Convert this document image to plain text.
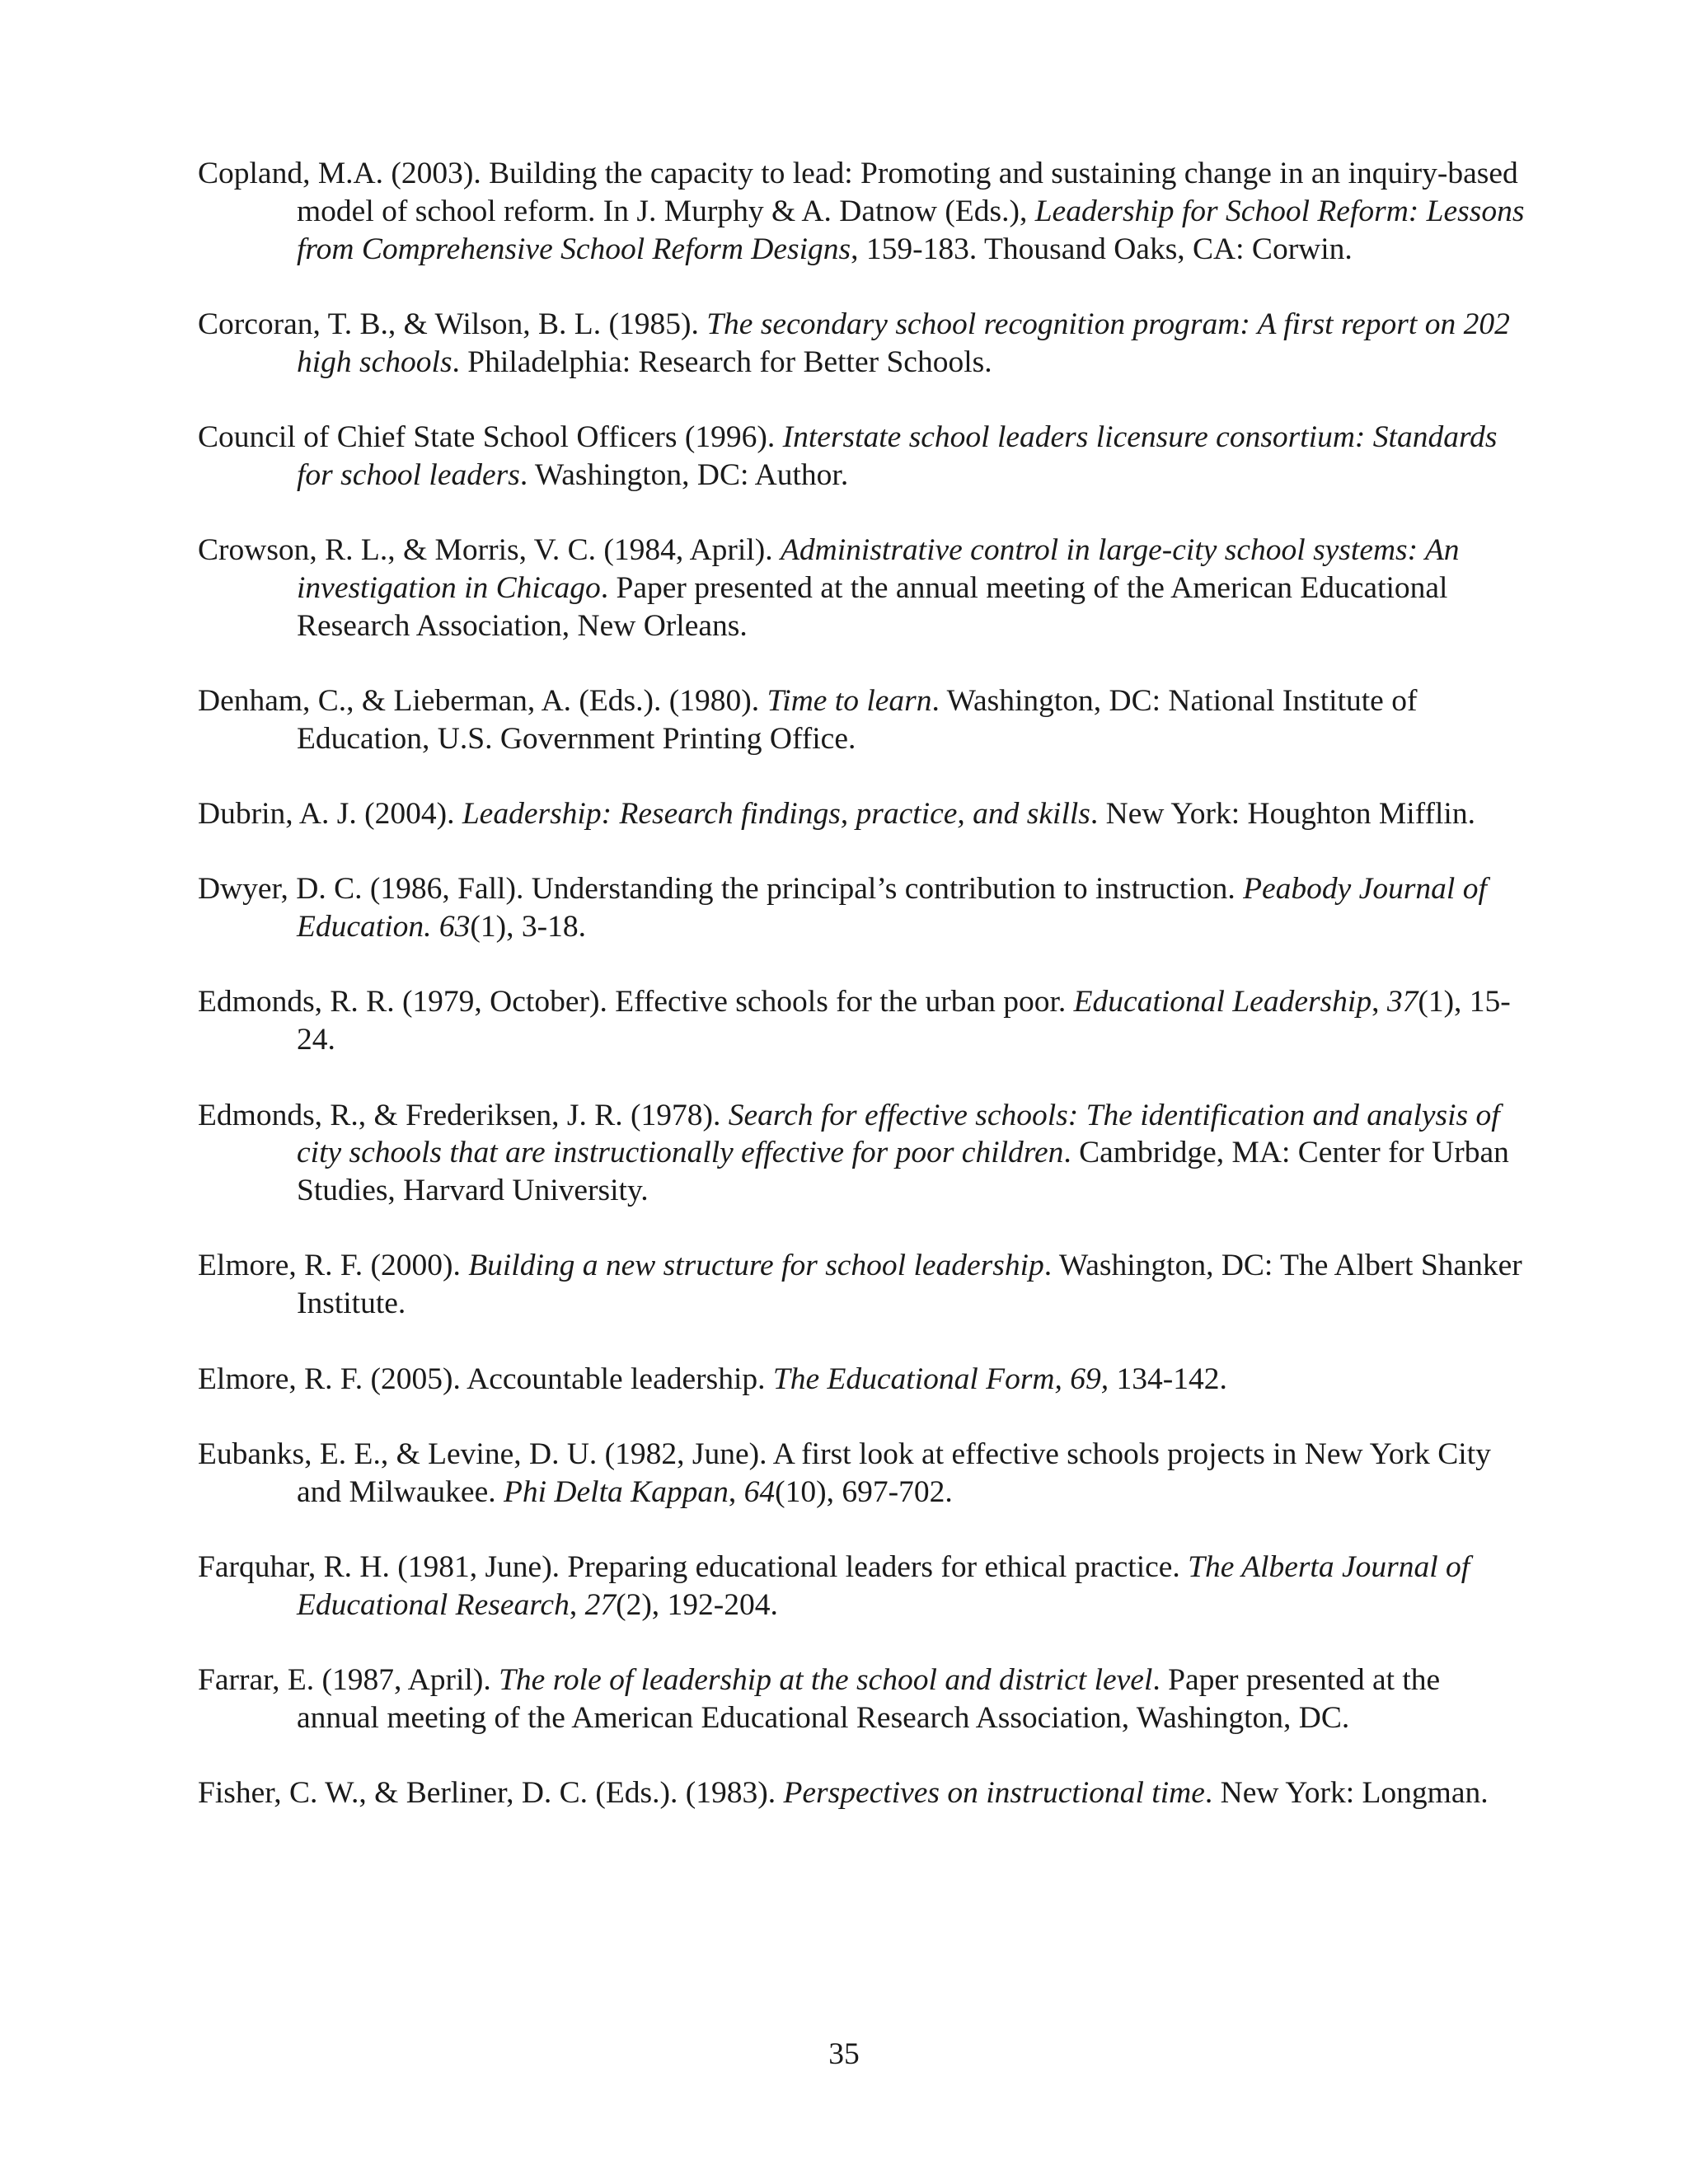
Copland, M.A. (2003). Building the capacity to lead: Promoting and sustaining change in an inquiry-based model of school reform. In J. Murphy & A. Datnow (Eds.), Leadership for School Reform: Lessons from Comprehensive School Reform Designs, 159-183. Thousand Oaks, CA: Corwin.

Corcoran, T. B., & Wilson, B. L. (1985). The secondary school recognition program: A first report on 202 high schools. Philadelphia: Research for Better Schools.

Council of Chief State School Officers (1996). Interstate school leaders licensure consortium: Standards for school leaders. Washington, DC: Author.

Crowson, R. L., & Morris, V. C. (1984, April). Administrative control in large-city school systems: An investigation in Chicago. Paper presented at the annual meeting of the American Educational Research Association, New Orleans.

Denham, C., & Lieberman, A. (Eds.). (1980). Time to learn. Washington, DC: National Institute of Education, U.S. Government Printing Office.

Dubrin, A. J. (2004). Leadership: Research findings, practice, and skills. New York: Houghton Mifflin.

Dwyer, D. C. (1986, Fall). Understanding the principal’s contribution to instruction. Peabody Journal of Education. 63(1), 3-18.

Edmonds, R. R. (1979, October). Effective schools for the urban poor. Educational Leadership, 37(1), 15-24.

Edmonds, R., & Frederiksen, J. R. (1978). Search for effective schools: The identification and analysis of city schools that are instructionally effective for poor children. Cambridge, MA: Center for Urban Studies, Harvard University.

Elmore, R. F. (2000). Building a new structure for school leadership. Washington, DC: The Albert Shanker Institute.

Elmore, R. F. (2005). Accountable leadership. The Educational Form, 69, 134-142.

Eubanks, E. E., & Levine, D. U. (1982, June). A first look at effective schools projects in New York City and Milwaukee. Phi Delta Kappan, 64(10), 697-702.

Farquhar, R. H. (1981, June). Preparing educational leaders for ethical practice. The Alberta Journal of Educational Research, 27(2), 192-204.

Farrar, E. (1987, April). The role of leadership at the school and district level. Paper presented at the annual meeting of the American Educational Research Association, Washington, DC.

Fisher, C. W., & Berliner, D. C. (Eds.). (1983). Perspectives on instructional time. New York: Longman.

35
